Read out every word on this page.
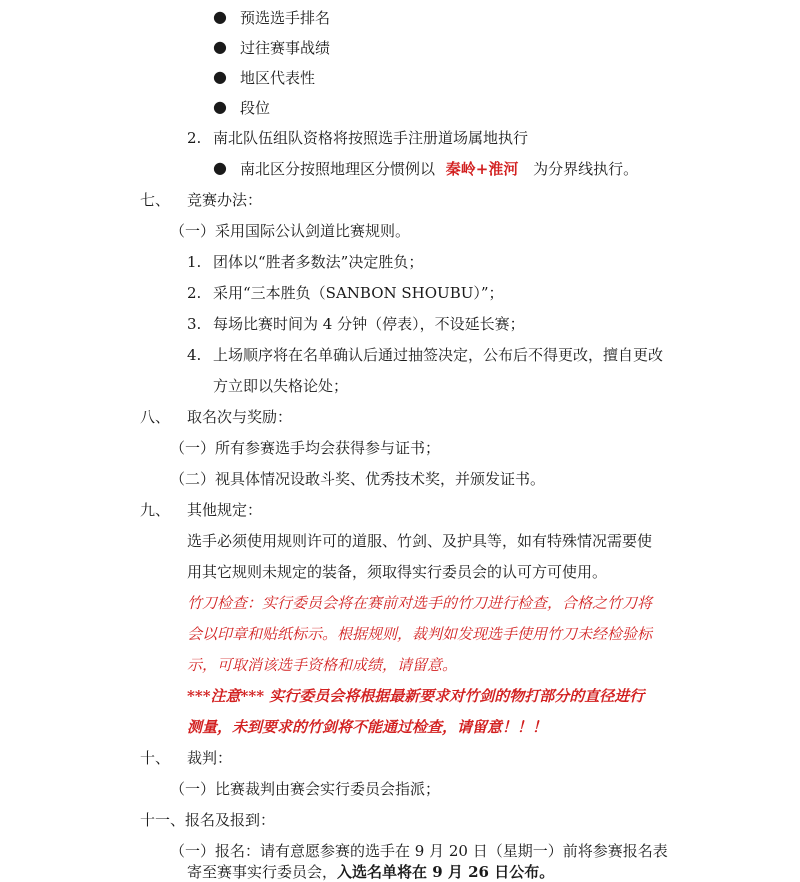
● 预选选手排名
● 过往赛事战绩
● 地区代表性
● 段位
2. 南北队伍组队资格将按照选手注册道场属地执行
● 南北区分按照地理区分惯例以 秦岭+淮河 为分界线执行。
七、 竞赛办法：
（一）采用国际公认剑道比赛规则。
1. 团体以“胜者多数法”决定胜负；
2. 采用“三本胜负（SANBON SHOUBU）”；
3. 每场比赛时间为 4 分钟（停表），不设延长赛；
4. 上场顺序将在名单确认后通过抽签决定，公布后不得更改，擅自更改
方立即以失格论处；
八、 取名次与奖励：
（一）所有参赛选手均会获得参与证书；
（二）视具体情况设敢斗奖、优秀技术奖，并颁发证书。
九、 其他规定：
选手必须使用规则许可的道服、竹剑、及护具等，如有特殊情况需要使
用其它规则未规定的装备，须取得实行委员会的认可方可使用。
竹刀检查：实行委员会将在赛前对选手的竹刀进行检查，合格之竹刀将
会以印章和贴纸标示。根据规则，裁判如发现选手使用竹刀未经检验标
示，可取消该选手资格和成绩，请留意。
***注意*** 实行委员会将根据最新要求对竹剑的物打部分的直径进行
测量，未到要求的竹剑将不能通过检查，请留意！！！
十、 裁判：
（一）比赛裁判由赛会实行委员会指派；
十一、报名及报到：
（一）报名：请有意愿参赛的选手在 9 月 20 日（星期一）前将参赛报名表
寄至赛事实行委员会，入选名单将在 9 月 26 日公布。
